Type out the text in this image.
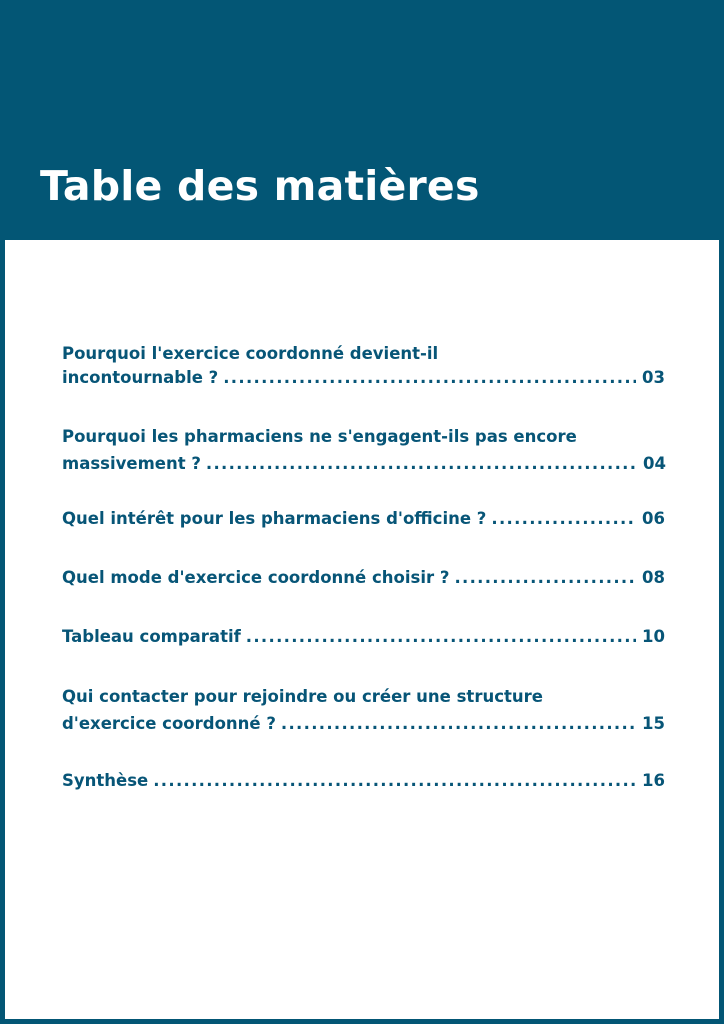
Table des matières
Pourquoi l'exercice coordonné devient-il
incontournable ? .....	03
Pourquoi les pharmaciens ne s'engagent-ils pas encore
massivement ? .....	04
Quel intérêt pour les pharmaciens d'officine ? .....	06
Quel mode d'exercice coordonné choisir ? .....	08
Tableau comparatif .....	10
Qui contacter pour rejoindre ou créer une structure
d'exercice coordonné ? .....	15
Synthèse .....	16
